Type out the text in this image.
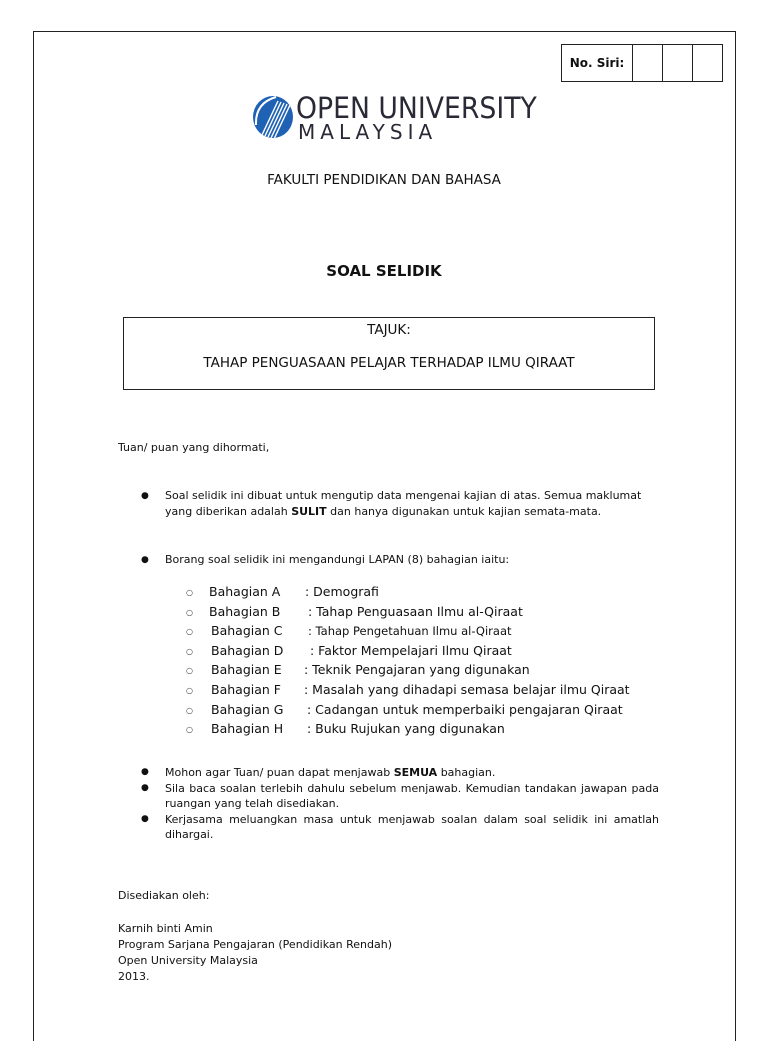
No. Siri:
OPEN UNIVERSITY
MALAYSIA
FAKULTI PENDIDIKAN DAN BAHASA
SOAL SELIDIK
TAJUK:
TAHAP PENGUASAAN PELAJAR TERHADAP ILMU QIRAAT
Tuan/ puan yang dihormati,
●	Soal selidik ini dibuat untuk mengutip data mengenai kajian di atas. Semua maklumat yang diberikan adalah SULIT dan hanya digunakan untuk kajian semata-mata.
●	Borang soal selidik ini mengandungi LAPAN (8) bahagian iaitu:
○ Bahagian A : Demografi
○ Bahagian B : Tahap Penguasaan Ilmu al-Qiraat
○ Bahagian C : Tahap Pengetahuan Ilmu al-Qiraat
○ Bahagian D : Faktor Mempelajari Ilmu Qiraat
○ Bahagian E : Teknik Pengajaran yang digunakan
○ Bahagian F : Masalah yang dihadapi semasa belajar ilmu Qiraat
○ Bahagian G : Cadangan untuk memperbaiki pengajaran Qiraat
○ Bahagian H : Buku Rujukan yang digunakan
●	Mohon agar Tuan/ puan dapat menjawab SEMUA bahagian.
●	Sila baca soalan terlebih dahulu sebelum menjawab. Kemudian tandakan jawapan pada ruangan yang telah disediakan.
●	Kerjasama meluangkan masa untuk menjawab soalan dalam soal selidik ini amatlah dihargai.
Disediakan oleh:
Karnih binti Amin
Program Sarjana Pengajaran (Pendidikan Rendah)
Open University Malaysia
2013.
